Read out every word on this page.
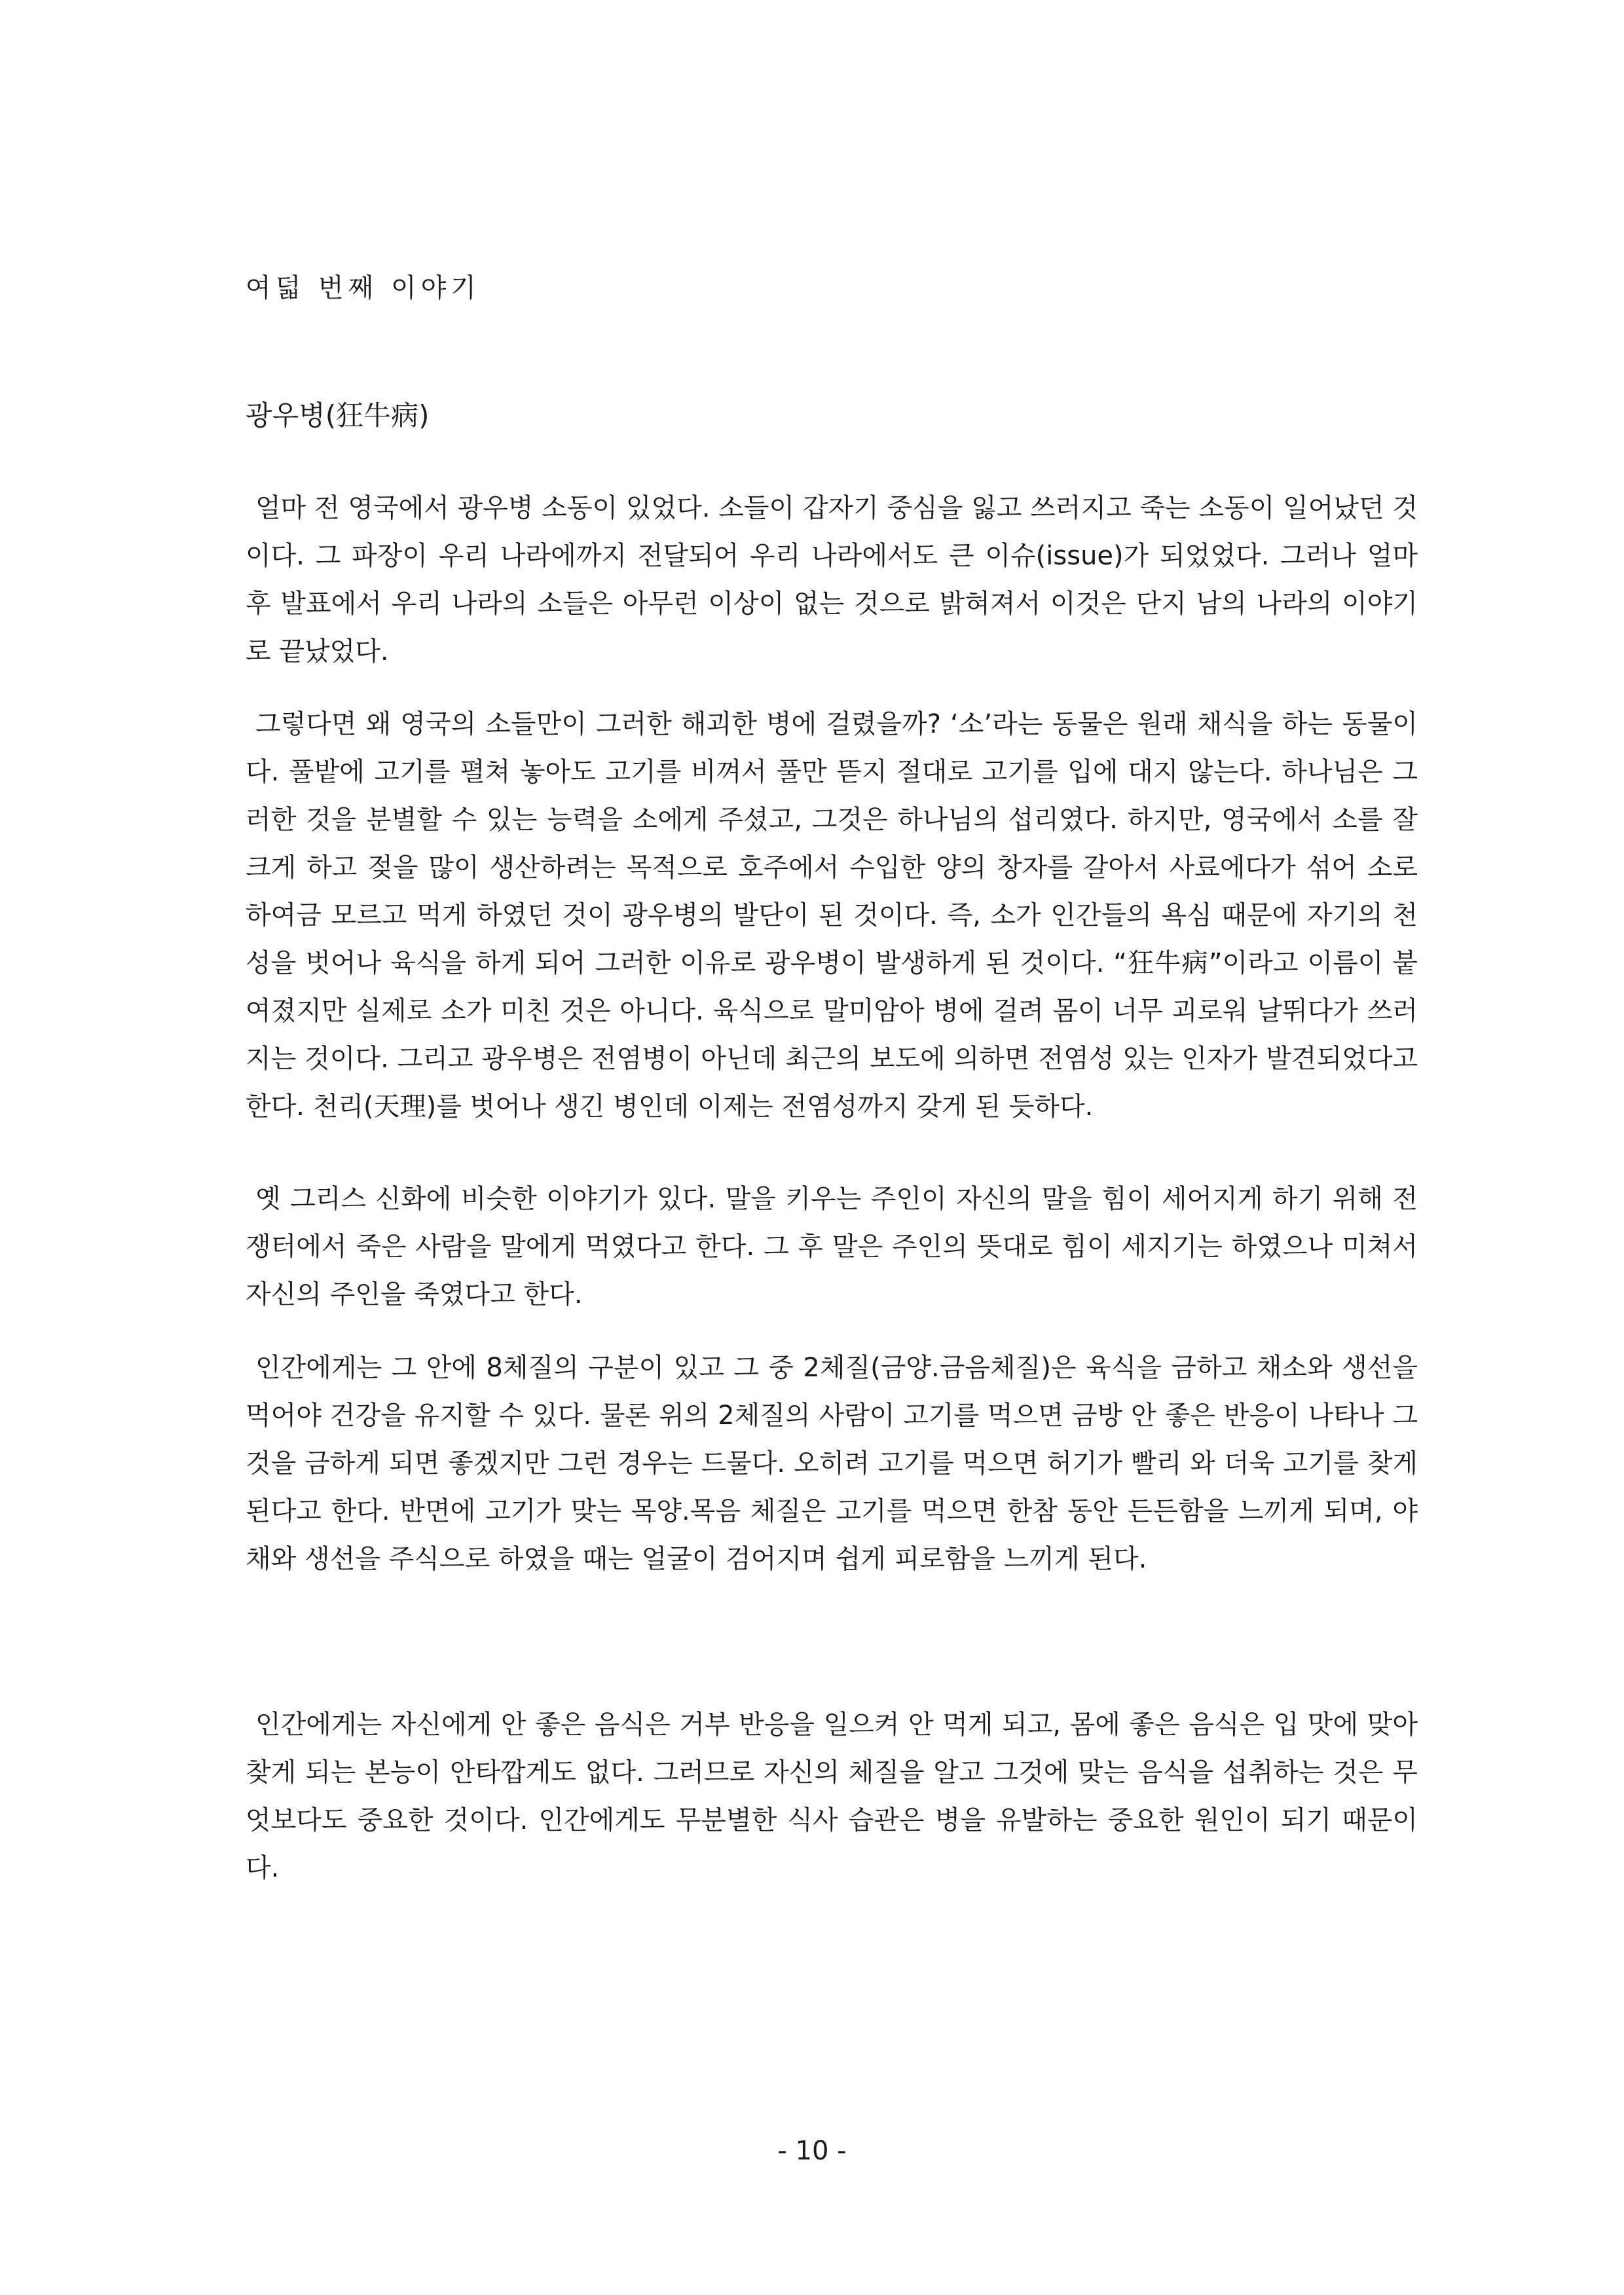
여덟 번째 이야기
광우병(狂牛病)

얼마 전 영국에서 광우병 소동이 있었다. 소들이 갑자기 중심을 잃고 쓰러지고 죽는 소동이 일어났던 것이다. 그 파장이 우리 나라에까지 전달되어 우리 나라에서도 큰 이슈(issue)가 되었었다. 그러나 얼마 후 발표에서 우리 나라의 소들은 아무런 이상이 없는 것으로 밝혀져서 이것은 단지 남의 나라의 이야기로 끝났었다.

그렇다면 왜 영국의 소들만이 그러한 해괴한 병에 걸렸을까? ‘소’라는 동물은 원래 채식을 하는 동물이다. 풀밭에 고기를 펼쳐 놓아도 고기를 비껴서 풀만 뜯지 절대로 고기를 입에 대지 않는다. 하나님은 그러한 것을 분별할 수 있는 능력을 소에게 주셨고, 그것은 하나님의 섭리였다. 하지만, 영국에서 소를 잘 크게 하고 젖을 많이 생산하려는 목적으로 호주에서 수입한 양의 창자를 갈아서 사료에다가 섞어 소로 하여금 모르고 먹게 하였던 것이 광우병의 발단이 된 것이다. 즉, 소가 인간들의 욕심 때문에 자기의 천성을 벗어나 육식을 하게 되어 그러한 이유로 광우병이 발생하게 된 것이다. “狂牛病”이라고 이름이 붙여졌지만 실제로 소가 미친 것은 아니다. 육식으로 말미암아 병에 걸려 몸이 너무 괴로워 날뛰다가 쓰러지는 것이다. 그리고 광우병은 전염병이 아닌데 최근의 보도에 의하면 전염성 있는 인자가 발견되었다고 한다. 천리(天理)를 벗어나 생긴 병인데 이제는 전염성까지 갖게 된 듯하다.

옛 그리스 신화에 비슷한 이야기가 있다. 말을 키우는 주인이 자신의 말을 힘이 세어지게 하기 위해 전쟁터에서 죽은 사람을 말에게 먹였다고 한다. 그 후 말은 주인의 뜻대로 힘이 세지기는 하였으나 미쳐서 자신의 주인을 죽였다고 한다.

인간에게는 그 안에 8체질의 구분이 있고 그 중 2체질(금양.금음체질)은 육식을 금하고 채소와 생선을 먹어야 건강을 유지할 수 있다. 물론 위의 2체질의 사람이 고기를 먹으면 금방 안 좋은 반응이 나타나 그것을 금하게 되면 좋겠지만 그런 경우는 드물다. 오히려 고기를 먹으면 허기가 빨리 와 더욱 고기를 찾게 된다고 한다. 반면에 고기가 맞는 목양.목음 체질은 고기를 먹으면 한참 동안 든든함을 느끼게 되며, 야채와 생선을 주식으로 하였을 때는 얼굴이 검어지며 쉽게 피로함을 느끼게 된다.

인간에게는 자신에게 안 좋은 음식은 거부 반응을 일으켜 안 먹게 되고, 몸에 좋은 음식은 입 맛에 맞아 찾게 되는 본능이 안타깝게도 없다. 그러므로 자신의 체질을 알고 그것에 맞는 음식을 섭취하는 것은 무엇보다도 중요한 것이다. 인간에게도 무분별한 식사 습관은 병을 유발하는 중요한 원인이 되기 때문이다.

- 10 -
